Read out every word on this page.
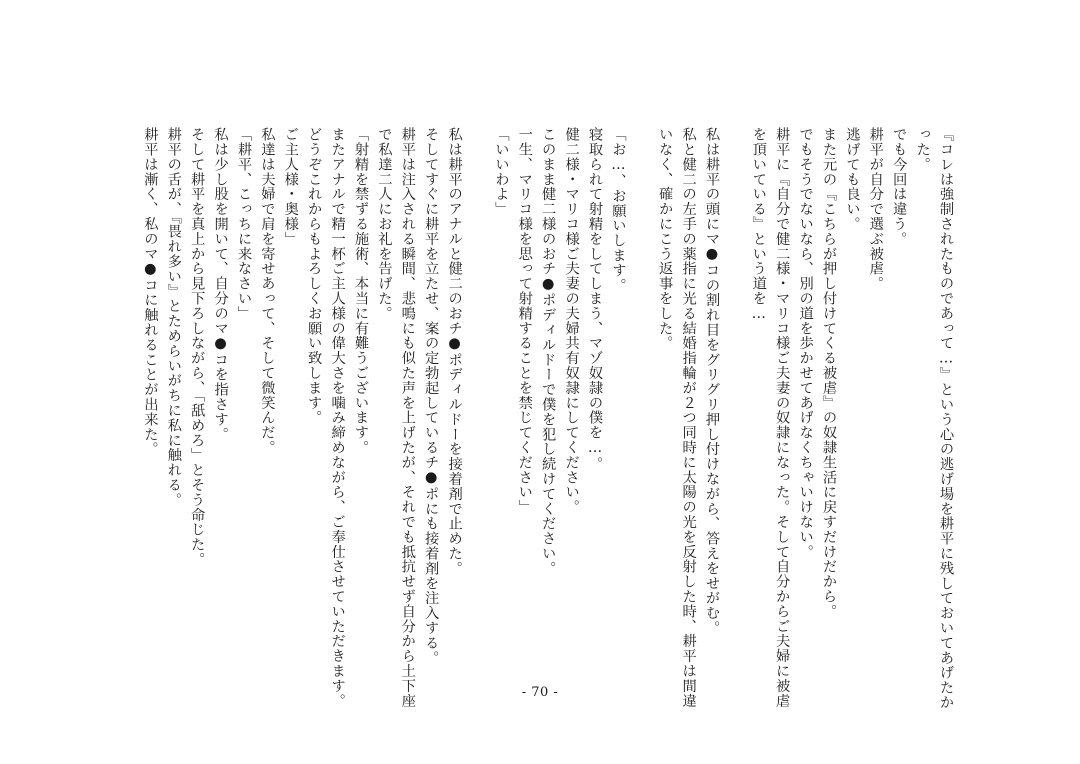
『コレは強制されたものであって…』という心の逃げ場を耕平に残しておいてあげたか

った。

でも今回は違う。

耕平が自分で選ぶ被虐。

逃げても良い。

また元の『こちらが押し付けてくる被虐』の奴隷生活に戻すだけだから。

でもそうでないなら、別の道を歩かせてあげなくちゃいけない。

耕平に『自分で健二様・マリコ様ご夫妻の奴隷になった。そして自分からご夫婦に被虐

を頂いている』という道を…

私は耕平の頭にマ●コの割れ目をグリグリ押し付けながら、答えをせがむ。

私と健二の左手の薬指に光る結婚指輪が２つ同時に太陽の光を反射した時、耕平は間違

いなく、確かにこう返事をした。

「お…、お願いします。

寝取られて射精をしてしまう、マゾ奴隷の僕を…。

健二様・マリコ様ご夫妻の夫婦共有奴隷にしてください。

このまま健二様のおチ●ポディルドーで僕を犯し続けてください。

一生、マリコ様を思って射精することを禁じてください」

「いいわよ」

私は耕平のアナルと健二のおチ●ポディルドーを接着剤で止めた。

そしてすぐに耕平を立たせ、案の定勃起しているチ●ポにも接着剤を注入する。

耕平は注入される瞬間、悲鳴にも似た声を上げたが、それでも抵抗せず自分から土下座

で私達二人にお礼を告げた。

「射精を禁ずる施術、本当に有難うございます。

またアナルで精一杯ご主人様の偉大さを噛み締めながら、ご奉仕させていただきます。

どうぞこれからもよろしくお願い致します。

ご主人様・奥様」

私達は夫婦で肩を寄せあって、そして微笑んだ。

「耕平、こっちに来なさい」

私は少し股を開いて、自分のマ●コを指さす。

そして耕平を真上から見下ろしながら、「舐めろ」とそう命じた。

耕平の舌が、『畏れ多い』とためらいがちに私に触れる。

耕平は漸く、私のマ●コに触れることが出来た。

- 70 -
